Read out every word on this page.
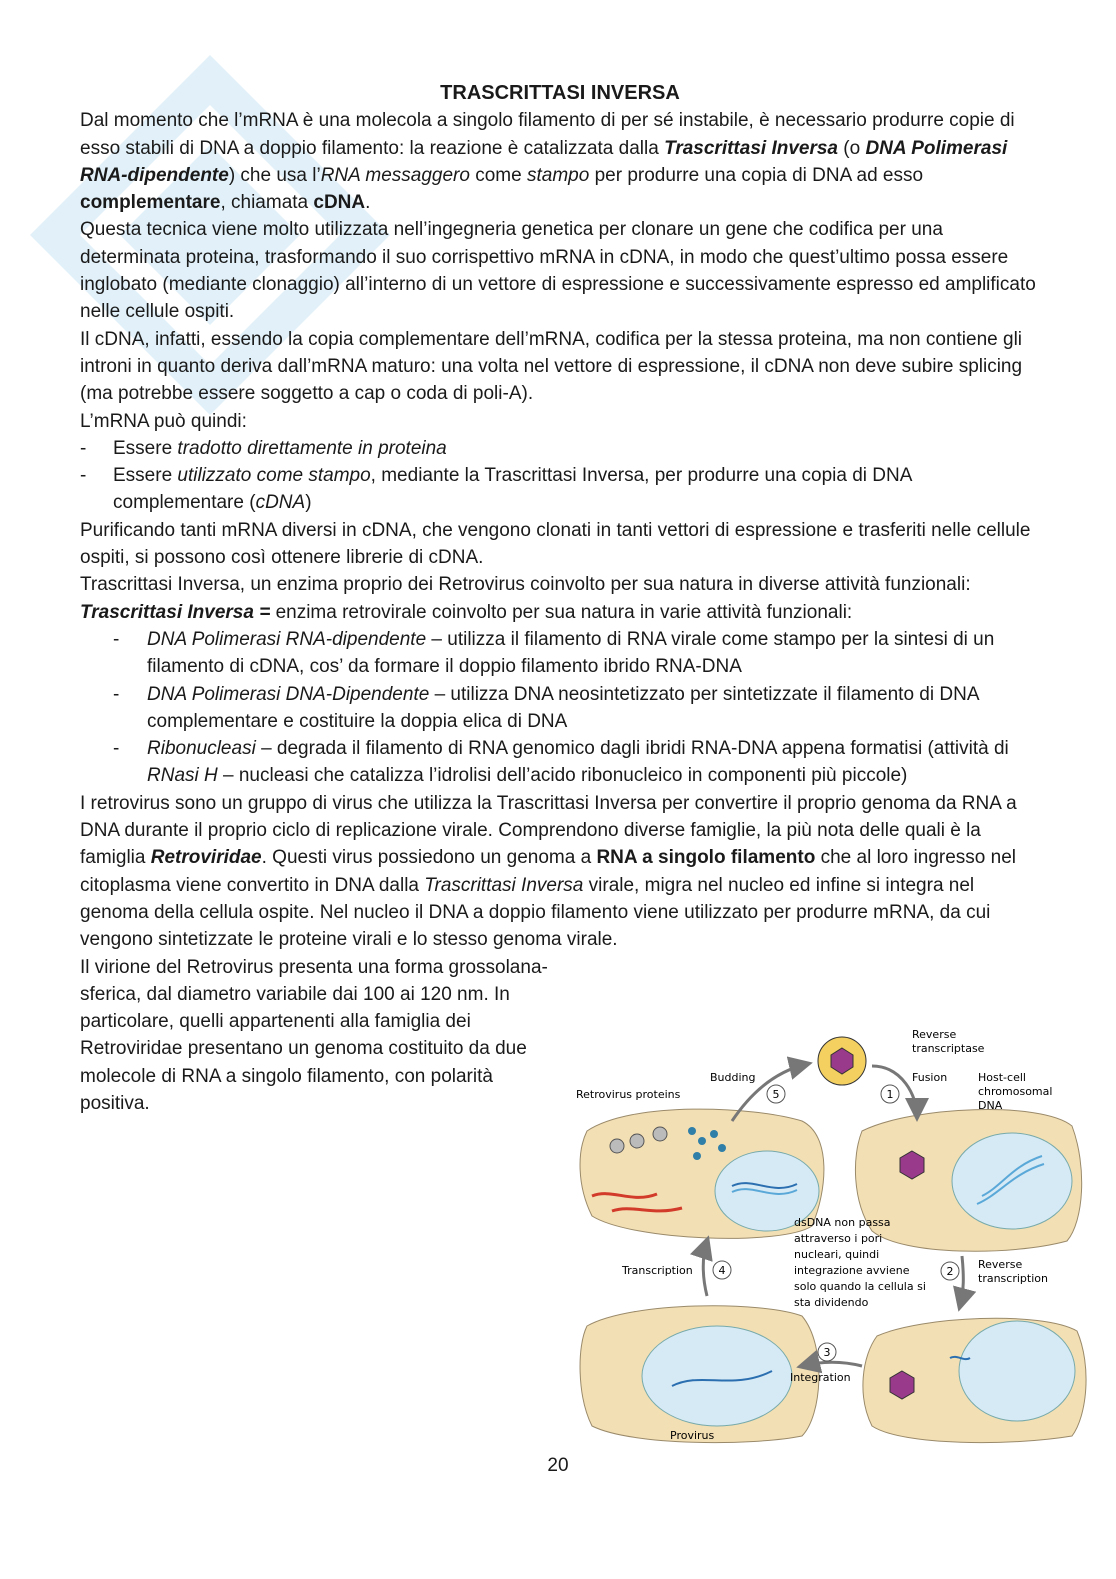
TRASCRITTASI INVERSA

Dal momento che l’mRNA è una molecola a singolo filamento di per sé instabile, è necessario produrre copie di esso stabili di DNA a doppio filamento: la reazione è catalizzata dalla Trascrittasi Inversa (o DNA Polimerasi RNA-dipendente) che usa l’RNA messaggero come stampo per produrre una copia di DNA ad esso complementare, chiamata cDNA.

Questa tecnica viene molto utilizzata nell’ingegneria genetica per clonare un gene che codifica per una determinata proteina, trasformando il suo corrispettivo mRNA in cDNA, in modo che quest’ultimo possa essere inglobato (mediante clonaggio) all’interno di un vettore di espressione e successivamente espresso ed amplificato nelle cellule ospiti.

Il cDNA, infatti, essendo la copia complementare dell’mRNA, codifica per la stessa proteina, ma non contiene gli introni in quanto deriva dall’mRNA maturo: una volta nel vettore di espressione, il cDNA non deve subire splicing (ma potrebbe essere soggetto a cap o coda di poli-A).

L’mRNA può quindi:

- Essere tradotto direttamente in proteina
- Essere utilizzato come stampo, mediante la Trascrittasi Inversa, per produrre una copia di DNA complementare (cDNA)

Purificando tanti mRNA diversi in cDNA, che vengono clonati in tanti vettori di espressione e trasferiti nelle cellule ospiti, si possono così ottenere librerie di cDNA.

Trascrittasi Inversa, un enzima proprio dei Retrovirus coinvolto per sua natura in diverse attività funzionali:

Trascrittasi Inversa = enzima retrovirale coinvolto per sua natura in varie attività funzionali:

- DNA Polimerasi RNA-dipendente – utilizza il filamento di RNA virale come stampo per la sintesi di un filamento di cDNA, cos’ da formare il doppio filamento ibrido RNA-DNA
- DNA Polimerasi DNA-Dipendente – utilizza DNA neosintetizzato per sintetizzate il filamento di DNA complementare e costituire la doppia elica di DNA
- Ribonucleasi – degrada il filamento di RNA genomico dagli ibridi RNA-DNA appena formatisi (attività di RNasi H – nucleasi che catalizza l’idrolisi dell’acido ribonucleico in componenti più piccole)

I retrovirus sono un gruppo di virus che utilizza la Trascrittasi Inversa per convertire il proprio genoma da RNA a DNA durante il proprio ciclo di replicazione virale. Comprendono diverse famiglie, la più nota delle quali è la famiglia Retroviridae. Questi virus possiedono un genoma a RNA a singolo filamento che al loro ingresso nel citoplasma viene convertito in DNA dalla Trascrittasi Inversa virale, migra nel nucleo ed infine si integra nel genoma della cellula ospite. Nel nucleo il DNA a doppio filamento viene utilizzato per produrre mRNA, da cui vengono sintetizzate le proteine virali e lo stesso genoma virale.

Il virione del Retrovirus presenta una forma grossolana-sferica, dal diametro variabile dai 100 ai 120 nm. In particolare, quelli appartenenti alla famiglia dei Retroviridae presentano un genoma costituito da due molecole di RNA a singolo filamento, con polarità positiva.	1
2
3
4
5
Reverse
transcriptase
Budding	Fusion
Retrovirus proteins
Host-cell
chromosomal
DNA
dsDNA non passa
attraverso i pori
nucleari, quindi
integrazione avviene
solo quando la cellula si
sta dividendo
Transcription	Reverse
transcription
Integration
Provirus
20
